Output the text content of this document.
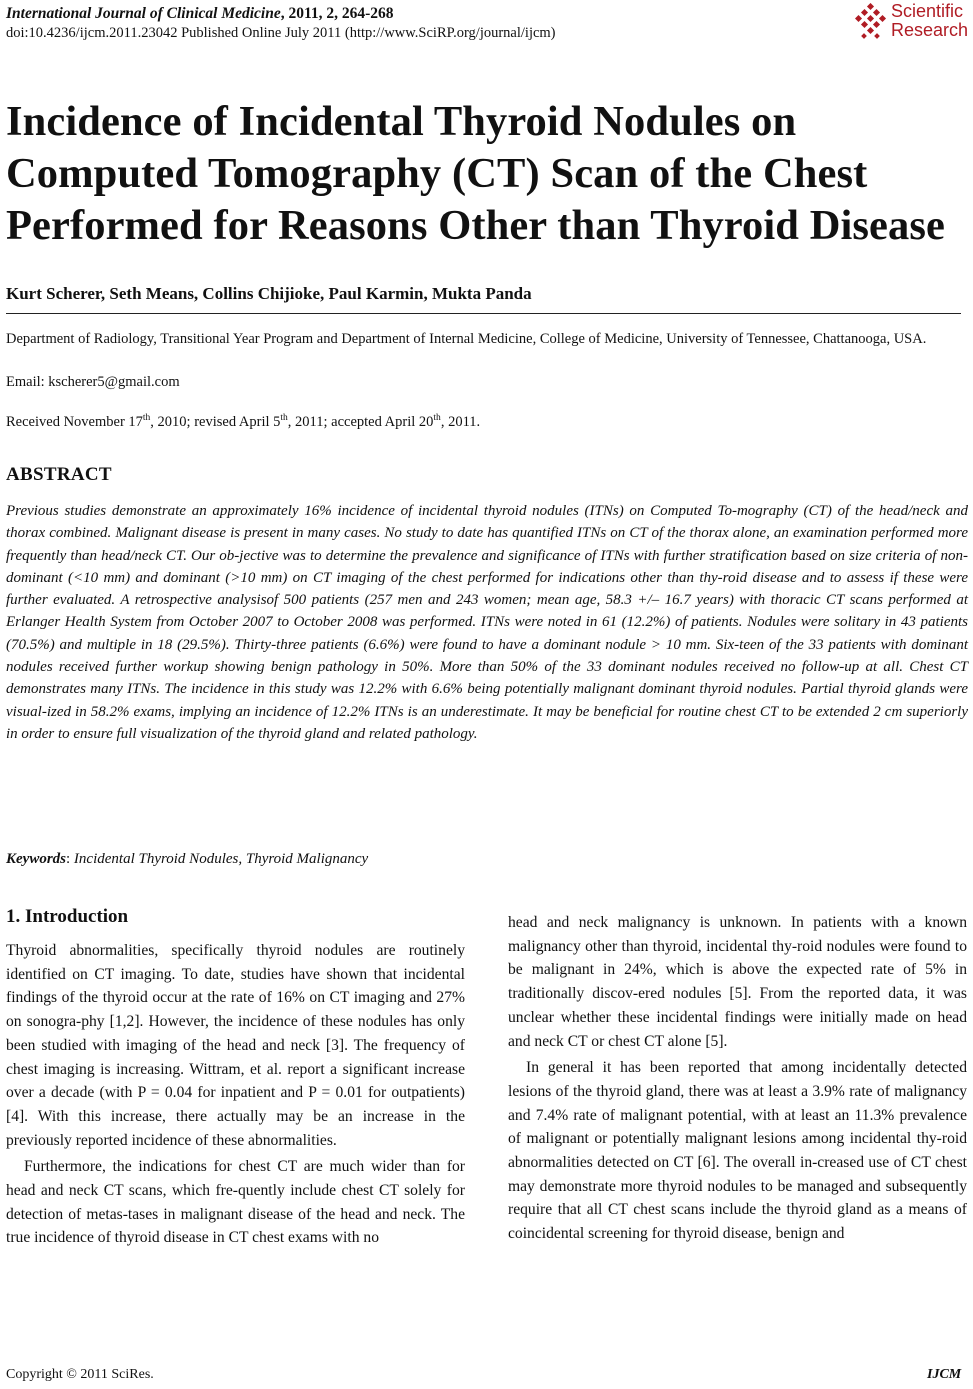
International Journal of Clinical Medicine, 2011, 2, 264-268
doi:10.4236/ijcm.2011.23042 Published Online July 2011 (http://www.SciRP.org/journal/ijcm)
Scientific
Research
Incidence of Incidental Thyroid Nodules on Computed Tomography (CT) Scan of the Chest Performed for Reasons Other than Thyroid Disease
Kurt Scherer, Seth Means, Collins Chijioke, Paul Karmin, Mukta Panda
Department of Radiology, Transitional Year Program and Department of Internal Medicine, College of Medicine, University of Tennessee, Chattanooga, USA.
Email: kscherer5@gmail.com
Received November 17th, 2010; revised April 5th, 2011; accepted April 20th, 2011.
ABSTRACT
Previous studies demonstrate an approximately 16% incidence of incidental thyroid nodules (ITNs) on Computed To-mography (CT) of the head/neck and thorax combined. Malignant disease is present in many cases. No study to date has quantified ITNs on CT of the thorax alone, an examination performed more frequently than head/neck CT. Our ob-jective was to determine the prevalence and significance of ITNs with further stratification based on size criteria of non-dominant (<10 mm) and dominant (>10 mm) on CT imaging of the chest performed for indications other than thy-roid disease and to assess if these were further evaluated. A retrospective analysisof 500 patients (257 men and 243 women; mean age, 58.3 +/– 16.7 years) with thoracic CT scans performed at Erlanger Health System from October 2007 to October 2008 was performed. ITNs were noted in 61 (12.2%) of patients. Nodules were solitary in 43 patients (70.5%) and multiple in 18 (29.5%). Thirty-three patients (6.6%) were found to have a dominant nodule > 10 mm. Six-teen of the 33 patients with dominant nodules received further workup showing benign pathology in 50%. More than 50% of the 33 dominant nodules received no follow-up at all. Chest CT demonstrates many ITNs. The incidence in this study was 12.2% with 6.6% being potentially malignant dominant thyroid nodules. Partial thyroid glands were visual-ized in 58.2% exams, implying an incidence of 12.2% ITNs is an underestimate. It may be beneficial for routine chest CT to be extended 2 cm superiorly in order to ensure full visualization of the thyroid gland and related pathology.
Keywords: Incidental Thyroid Nodules, Thyroid Malignancy
1. Introduction

Thyroid abnormalities, specifically thyroid nodules are routinely identified on CT imaging. To date, studies have shown that incidental findings of the thyroid occur at the rate of 16% on CT imaging and 27% on sonogra-phy [1,2]. However, the incidence of these nodules has only been studied with imaging of the head and neck [3]. The frequency of chest imaging is increasing. Wittram, et al. report a significant increase over a decade (with P = 0.04 for inpatient and P = 0.01 for outpatients) [4]. With this increase, there actually may be an increase in the previously reported incidence of these abnormalities.

Furthermore, the indications for chest CT are much wider than for head and neck CT scans, which fre-quently include chest CT solely for detection of metas-tases in malignant disease of the head and neck. The true incidence of thyroid disease in CT chest exams with no

head and neck malignancy is unknown. In patients with a known malignancy other than thyroid, incidental thy-roid nodules were found to be malignant in 24%, which is above the expected rate of 5% in traditionally discov-ered nodules [5]. From the reported data, it was unclear whether these incidental findings were initially made on head and neck CT or chest CT alone [5].

In general it has been reported that among incidentally detected lesions of the thyroid gland, there was at least a 3.9% rate of malignancy and 7.4% rate of malignant potential, with at least an 11.3% prevalence of malignant or potentially malignant lesions among incidental thy-roid abnormalities detected on CT [6]. The overall in-creased use of CT chest may demonstrate more thyroid nodules to be managed and subsequently require that all CT chest scans include the thyroid gland as a means of coincidental screening for thyroid disease, benign and

Copyright © 2011 SciRes.	IJCM
